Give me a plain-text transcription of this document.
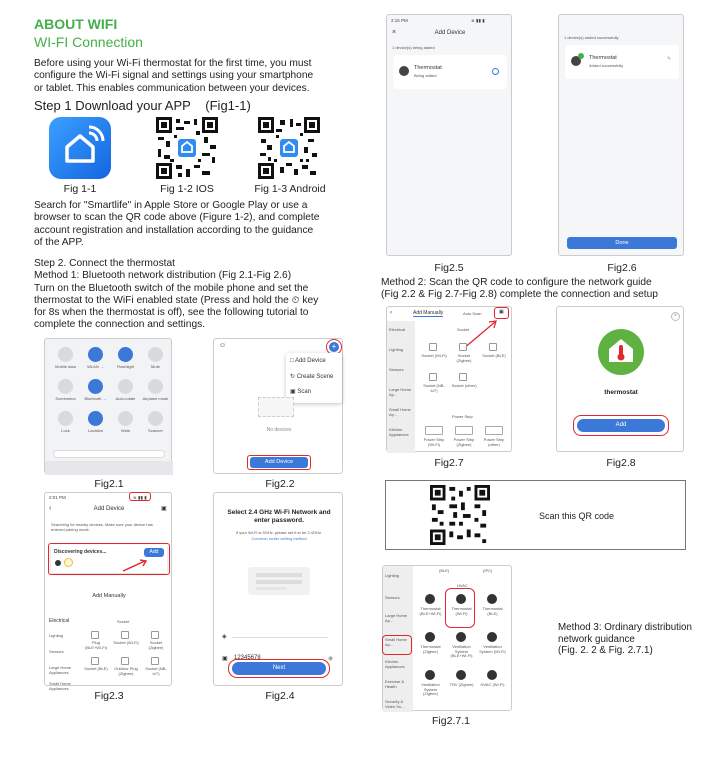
ABOUT WIFI
WI-FI Connection
Before using your Wi-Fi thermostat for the first time, you must
configure the Wi-Fi signal and settings using your smartphone
or tablet. This enables communication between your devices.
Step 1 Download your APP (Fig1-1)
Fig 1-1	Fig 1-2 IOS	Fig 1-3 Android
Search for "Smartlife" in Apple Store or Google Play or use a
browser to scan the QR code above (Figure 1-2), and complete
account registration and installation according to the guidance
of the APP.
Step 2. Connect the thermostat
Method 1: Bluetooth network distribution (Fig 2.1-Fig 2.6)
Turn on the Bluetooth switch of the mobile phone and set the
thermostat to the WiFi enabled state (Press and hold the ⏲ key
for 8s when the thermostat is off), see the following tutorial to
complete the connection and settings.
Mobile data	WLAN →	Flashlight	Mute
Screenshot	Bluetooth →	Auto-rotate	Airplane mode
Lock	Location	Wide	Scanner
Fig2.1
☺	+
□ Add Device
↻ Create Scene
▣ Scan
No devices
Add Device
Fig2.2
2:01 PM	※ ▮▮ ▮
‹	Add Device	▣
Searching for nearby devices. Make sure your device has entered pairing mode.
Discovering devices...	Add
Add Manually
Electrical	Socket
Lighting
Sensors
Large Home Appliances
Small Home Appliances
Plug (BLE+Wi-Fi)
Socket (Wi-Fi)	Socket (Zigbee)
Socket (BLE)	Outdoor Plug (Zigbee)
Socket (NB-IoT)
Fig2.3
Select 2.4 GHz Wi-Fi Network and enter password.
If your Wi-Fi is 5GHz, please set it to be 2.4GHz.
Common router setting method
◈
▣ 12345678	◉
Next
Fig2.4
2:15 PM	※ ▮▮ ▮
×	Add Device
1 device(s) being added
Thermostat
Being added
Fig2.5
1 device(s) added successfully
Thermostat
Added successfully
✎
Done
Fig2.6
Method 2: Scan the QR code to configure the network guide
(Fig 2.2 & Fig 2.7-Fig 2.8) complete the connection and setup
‹	Add Manually	Auto Scan	▣
Socket
Power Strip
Electrical
Lighting
Sensors
Large Home Ap...
Small Home Ap...
Kitchen Appliances
Socket (Wi-Fi)	Socket (Zigbee)
Socket (BLE)
Socket (NB-IoT)
Socket (other)
Power Strip (Wi-Fi)
Power Strip (Zigbee)
Power Strip (other)
Fig2.7
×
thermostat
Add
Fig2.8
Scan this QR code
(BLE)	(IPC)
HVAC
Lighting
Sensors
Large Home Ap...
Small Home Ap...
Kitchen Appliances
Exercise & Health
Security & Video Su...
Thermostat (BLE+Wi-Fi)
Thermostat (Wi-Fi)
Thermostat (BLE)
Thermostat (Zigbee)
Ventilation System (BLE+Wi-Fi)
Ventilation System (Wi-Fi)
Ventilation System (Zigbee)
TRV (Zigbee)	HVAC (Wi-Fi)
Fig2.7.1
Method 3: Ordinary distribution
network guidance
(Fig. 2. 2 & Fig. 2.7.1)
